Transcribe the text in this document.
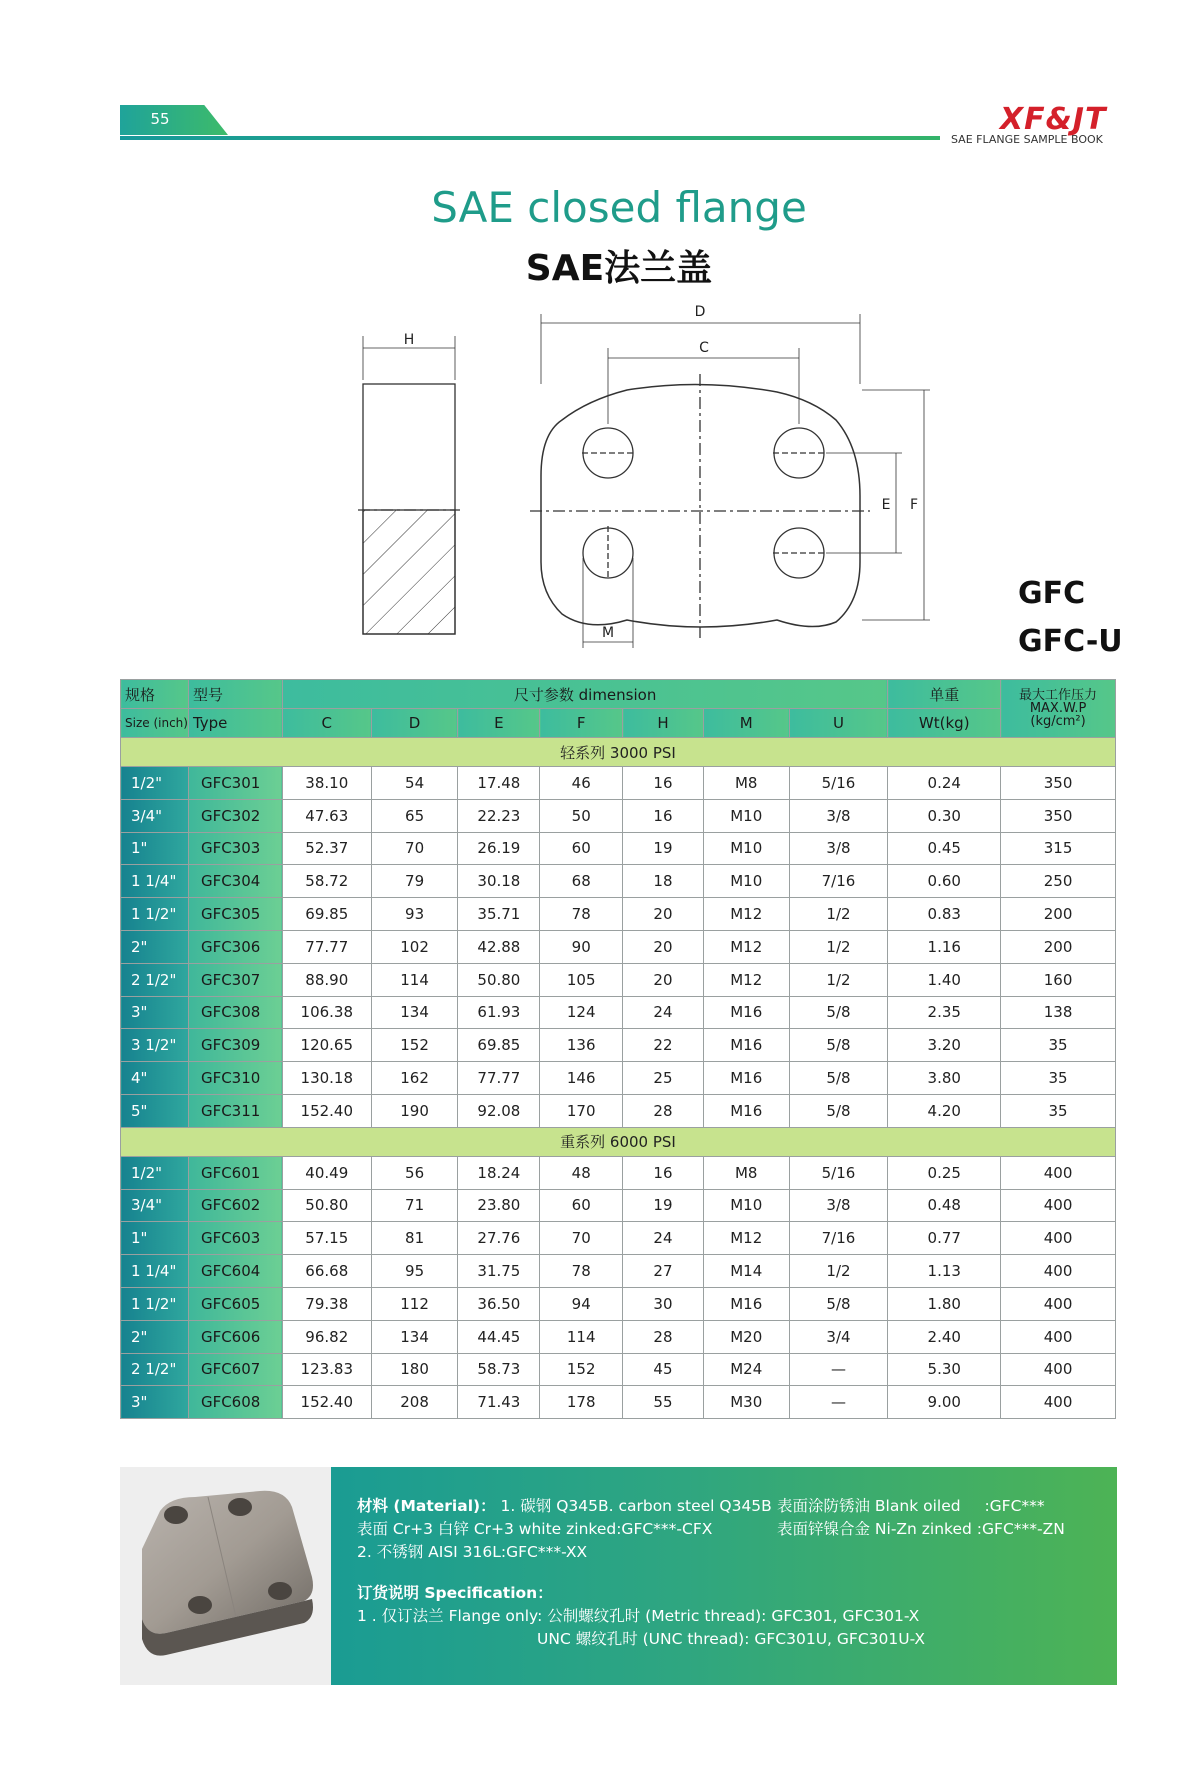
55	XF&JT
SAE FLANGE SAMPLE BOOK
SAE closed flange
SAE法兰盖
H
D
C
E F
M
GFC
GFC-U
规格	型号	尺寸参数 dimension							单重	最大工作压力
MAX.W.P
(kg/cm²)

Size (inch)	Type	C	D	E	F	H	M	U	Wt(kg)	
轻系列 3000 PSI										
1/2"	GFC301	38.10	54	17.48	46	16	M8	5/16	0.24	350
3/4"	GFC302	47.63	65	22.23	50	16	M10	3/8	0.30	350
1"	GFC303	52.37	70	26.19	60	19	M10	3/8	0.45	315
1 1/4"	GFC304	58.72	79	30.18	68	18	M10	7/16	0.60	250
1 1/2"	GFC305	69.85	93	35.71	78	20	M12	1/2	0.83	200
2"	GFC306	77.77	102	42.88	90	20	M12	1/2	1.16	200
2 1/2"	GFC307	88.90	114	50.80	105	20	M12	1/2	1.40	160
3"	GFC308	106.38	134	61.93	124	24	M16	5/8	2.35	138
3 1/2"	GFC309	120.65	152	69.85	136	22	M16	5/8	3.20	35
4"	GFC310	130.18	162	77.77	146	25	M16	5/8	3.80	35
5"	GFC311	152.40	190	92.08	170	28	M16	5/8	4.20	35
重系列 6000 PSI										
1/2"	GFC601	40.49	56	18.24	48	16	M8	5/16	0.25	400
3/4"	GFC602	50.80	71	23.80	60	19	M10	3/8	0.48	400
1"	GFC603	57.15	81	27.76	70	24	M12	7/16	0.77	400
1 1/4"	GFC604	66.68	95	31.75	78	27	M14	1/2	1.13	400
1 1/2"	GFC605	79.38	112	36.50	94	30	M16	5/8	1.80	400
2"	GFC606	96.82	134	44.45	114	28	M20	3/4	2.40	400
2 1/2"	GFC607	123.83	180	58.73	152	45	M24	—	5.30	400
3"	GFC608	152.40	208	71.43	178	55	M30	—	9.00	400
材料 (Material)： 1. 碳钢 Q345B. carbon steel Q345B
表面 Cr+3 白锌 Cr+3 white zinked:GFC***-CFX
2. 不锈钢 AISI 316L:GFC***-XX
表面涂防锈油 Blank oiled :GFC***
表面锌镍合金 Ni-Zn zinked :GFC***-ZN
订货说明 Specification：
1 . 仅订法兰 Flange only: 公制螺纹孔时 (Metric thread): GFC301, GFC301-X
UNC 螺纹孔时 (UNC thread): GFC301U, GFC301U-X
